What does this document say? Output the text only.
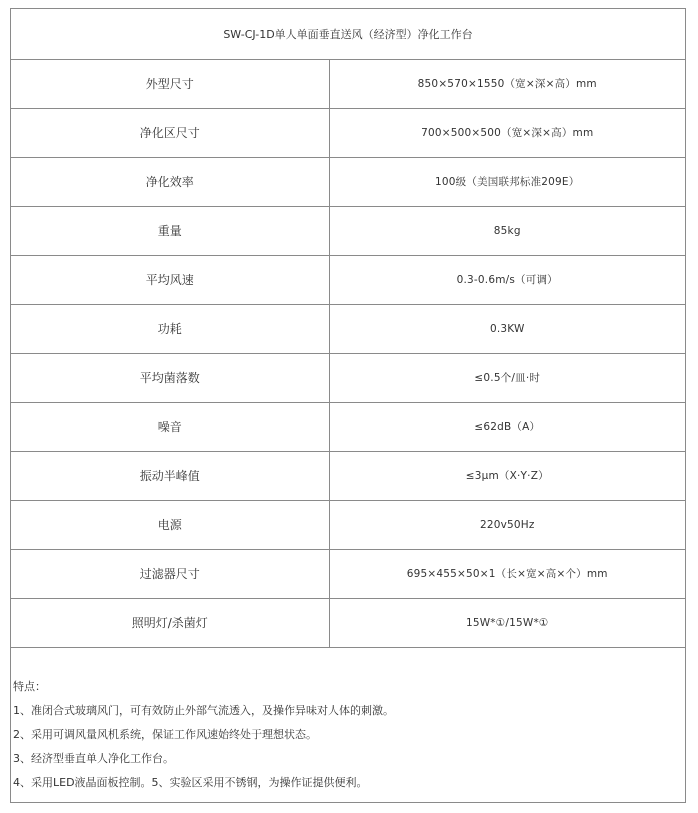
SW-CJ-1D单人单面垂直送风（经济型）净化工作台
外型尺寸	850×570×1550（宽×深×高）mm
净化区尺寸	700×500×500（宽×深×高）mm
净化效率	100级（美国联邦标准209E）
重量	85kg
平均风速	0.3-0.6m/s（可调）
功耗	0.3KW
平均菌落数	≤0.5个/皿·时
噪音	≤62dB（A）
振动半峰值	≤3μm（X·Y·Z）
电源	220v50Hz
过滤器尺寸	695×455×50×1（长×宽×高×个）mm
照明灯/杀菌灯	15W*①/15W*①
特点：
1、准闭合式玻璃风门，可有效防止外部气流透入，及操作异味对人体的刺激。
2、采用可调风量风机系统，保证工作风速始终处于理想状态。
3、经济型垂直单人净化工作台。
4、采用LED液晶面板控制。5、实验区采用不锈钢，为操作证提供便利。
